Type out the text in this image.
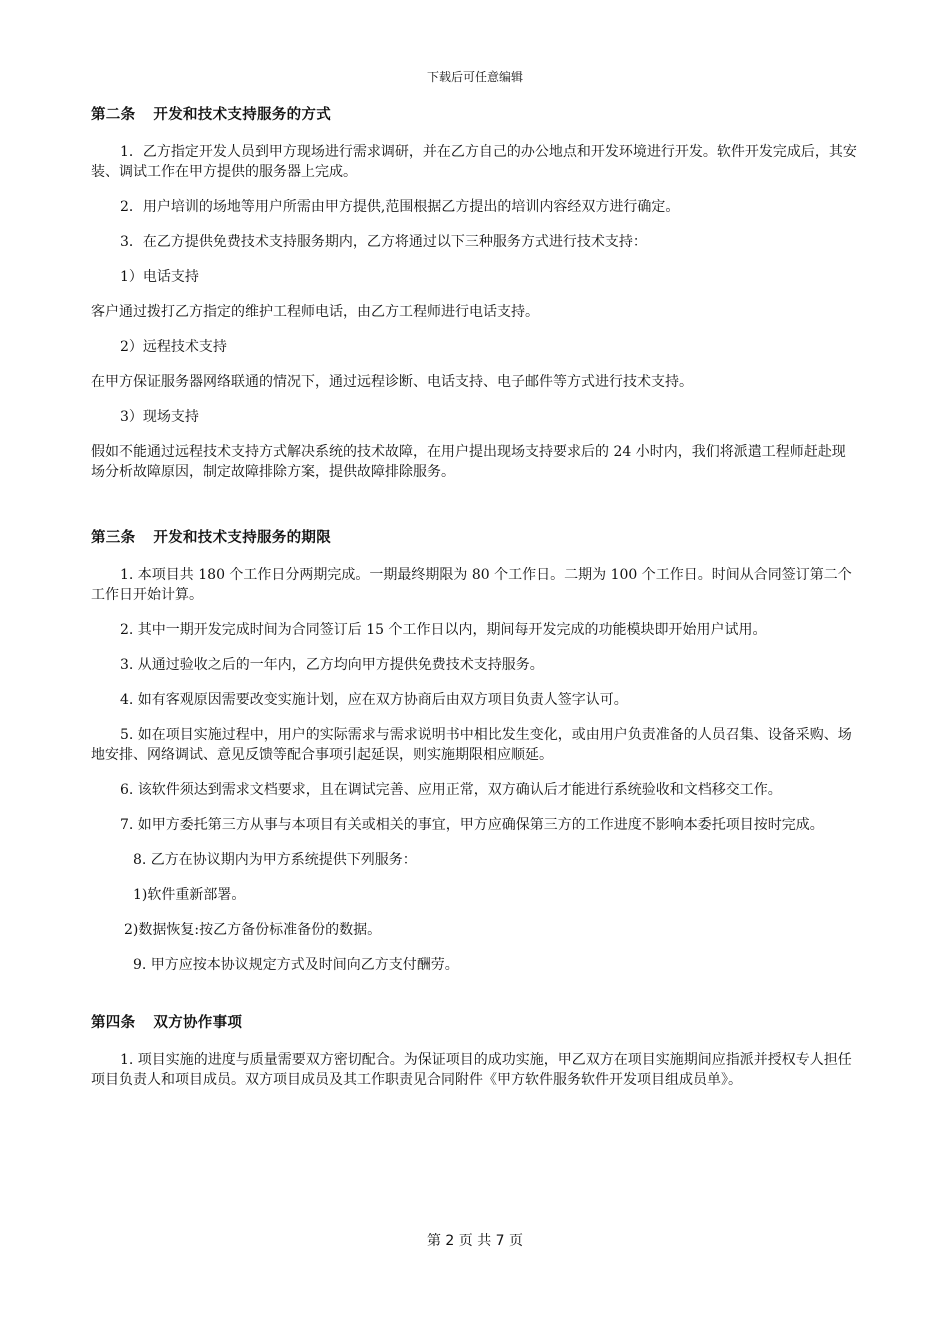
下载后可任意编辑
第二条 开发和技术支持服务的方式

1．乙方指定开发人员到甲方现场进行需求调研，并在乙方自己的办公地点和开发环境进行开发。软件开发完成后，其安装、调试工作在甲方提供的服务器上完成。

2．用户培训的场地等用户所需由甲方提供,范围根据乙方提出的培训内容经双方进行确定。

3．在乙方提供免费技术支持服务期内，乙方将通过以下三种服务方式进行技术支持：

1）电话支持

客户通过拨打乙方指定的维护工程师电话，由乙方工程师进行电话支持。

2）远程技术支持

在甲方保证服务器网络联通的情况下，通过远程诊断、电话支持、电子邮件等方式进行技术支持。

3）现场支持

假如不能通过远程技术支持方式解决系统的技术故障，在用户提出现场支持要求后的 24 小时内，我们将派遣工程师赶赴现场分析故障原因，制定故障排除方案，提供故障排除服务。

第三条 开发和技术支持服务的期限

1. 本项目共 180 个工作日分两期完成。一期最终期限为 80 个工作日。二期为 100 个工作日。时间从合同签订第二个工作日开始计算。

2. 其中一期开发完成时间为合同签订后 15 个工作日以内，期间每开发完成的功能模块即开始用户试用。

3. 从通过验收之后的一年内，乙方均向甲方提供免费技术支持服务。

4. 如有客观原因需要改变实施计划，应在双方协商后由双方项目负责人签字认可。

5. 如在项目实施过程中，用户的实际需求与需求说明书中相比发生变化，或由用户负责准备的人员召集、设备采购、场地安排、网络调试、意见反馈等配合事项引起延误，则实施期限相应顺延。

6. 该软件须达到需求文档要求，且在调试完善、应用正常，双方确认后才能进行系统验收和文档移交工作。

7. 如甲方委托第三方从事与本项目有关或相关的事宜，甲方应确保第三方的工作进度不影响本委托项目按时完成。

8. 乙方在协议期内为甲方系统提供下列服务：

1)软件重新部署。

2)数据恢复:按乙方备份标准备份的数据。

9. 甲方应按本协议规定方式及时间向乙方支付酬劳。

第四条 双方协作事项

1. 项目实施的进度与质量需要双方密切配合。为保证项目的成功实施，甲乙双方在项目实施期间应指派并授权专人担任项目负责人和项目成员。双方项目成员及其工作职责见合同附件《甲方软件服务软件开发项目组成员单》。

第 2 页 共 7 页
